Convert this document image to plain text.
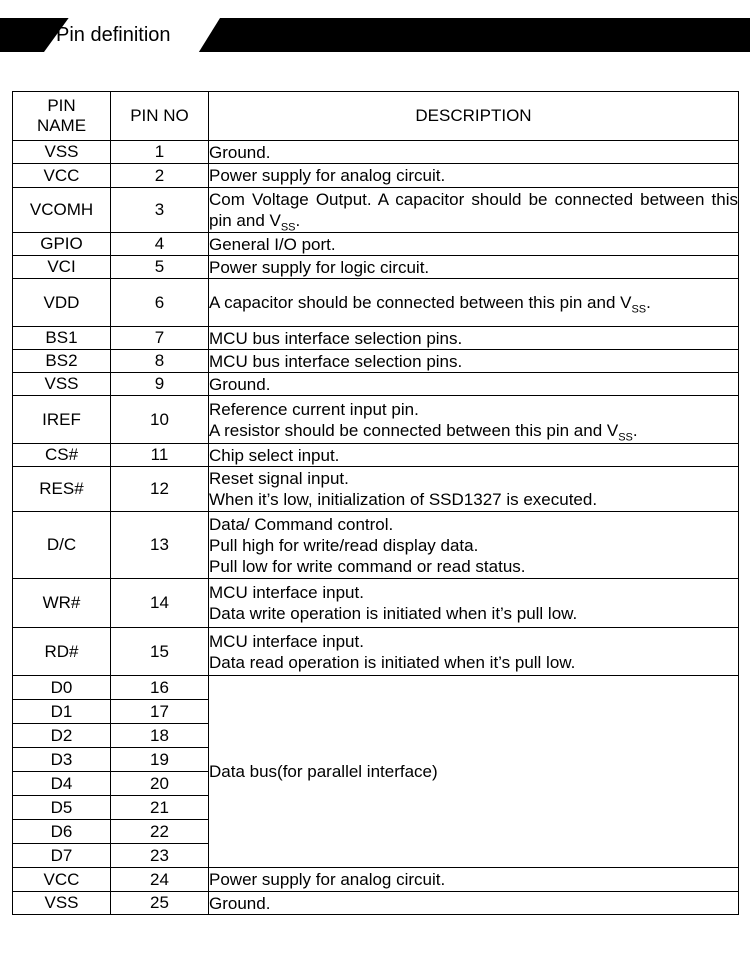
Pin definition
PIN NAME	PIN NO	DESCRIPTION
VSS	1	Ground.

VCC	2	Power supply for analog circuit.

VCOMH	3	Com Voltage Output. A capacitor should be connected between this pin and $V_{SS}$.
GPIO	4	General I/O port.

VCI	5	Power supply for logic circuit.

VDD	6	A capacitor should be connected between this pin and $V_{SS}$.
BS1	7	MCU bus interface selection pins.

BS2	8	MCU bus interface selection pins.

VSS	9	Ground.

IREF	10	Reference current input pin.
A resistor should be connected between this pin and $V_{SS}$.

CS#	11	Chip select input.

RES#	12	Reset signal input.
When it’s low, initialization of SSD1327 is executed.

D/C	13	Data/ Command control.
Pull high for write/read display data.
Pull low for write command or read status.

WR#	14	MCU interface input.
Data write operation is initiated when it’s pull low.

RD#	15	MCU interface input.
Data read operation is initiated when it’s pull low.

D0	16	Data bus(for parallel interface)
D1	17	
D2	18	
D3	19	
D4	20	
D5	21	
D6	22	
D7	23	
VCC	24	Power supply for analog circuit.

VSS	25	Ground.
